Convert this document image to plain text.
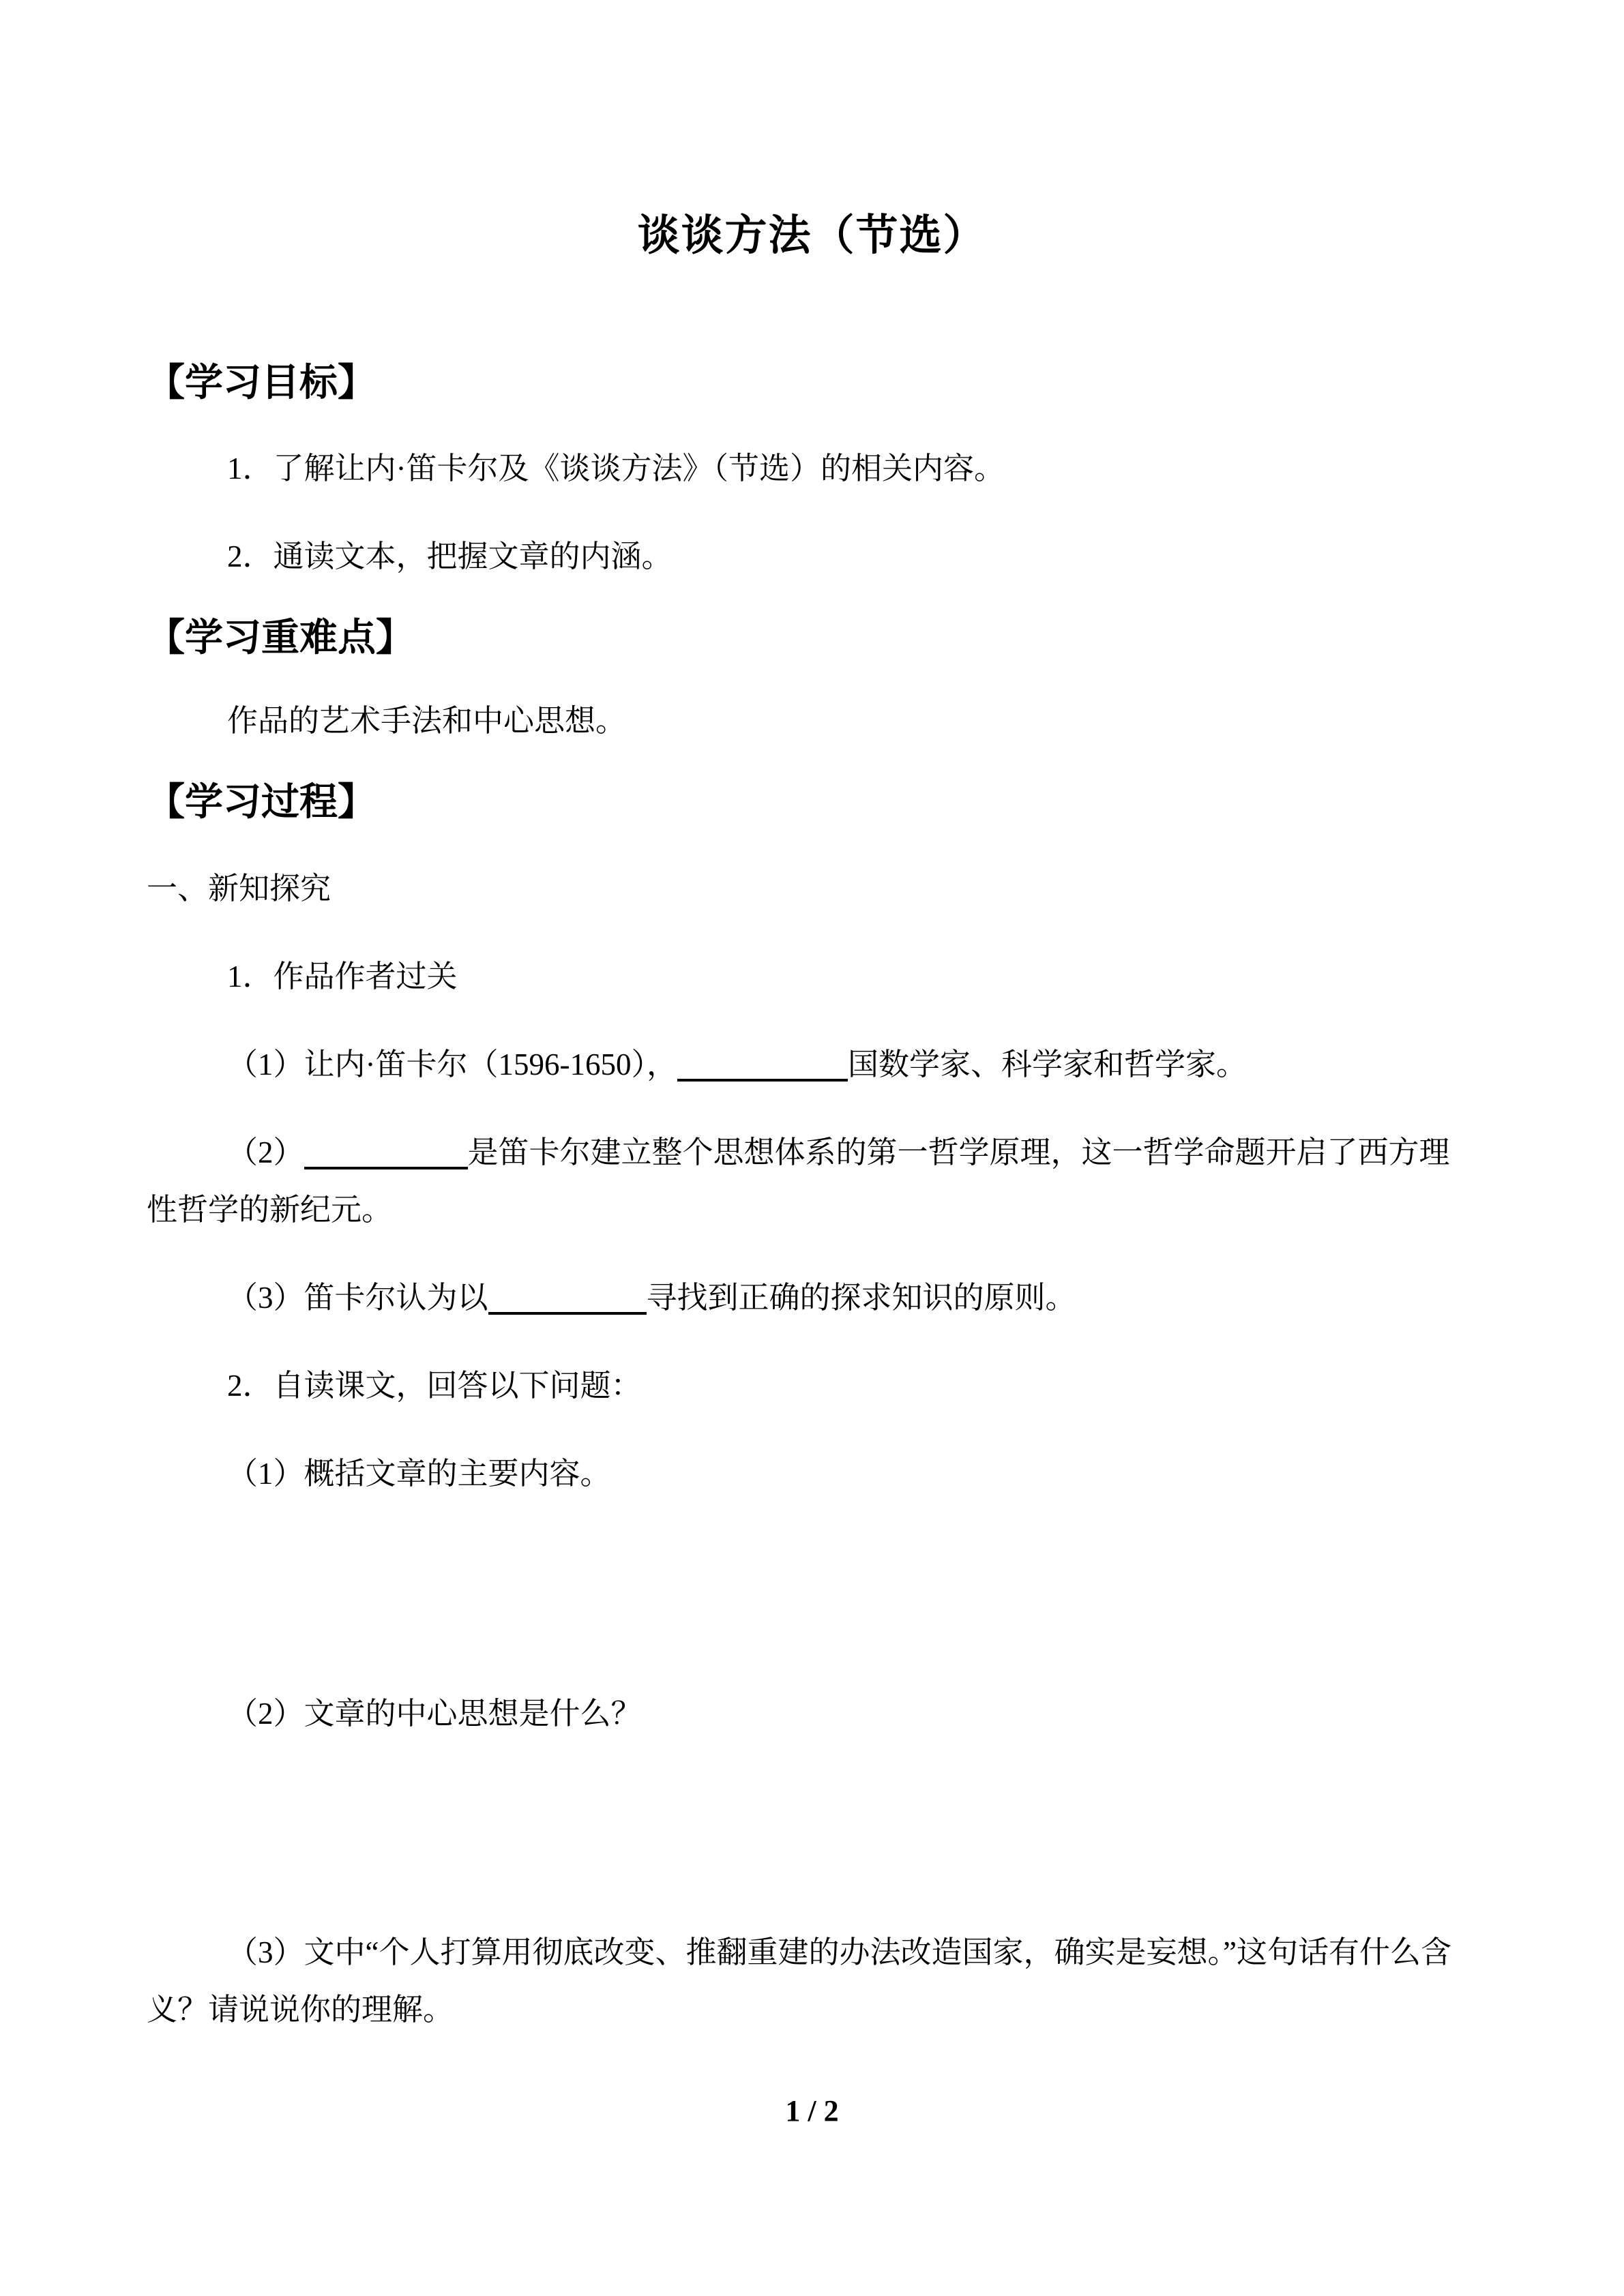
谈谈方法（节选）
【学习目标】

1．了解让内·笛卡尔及《谈谈方法》（节选）的相关内容。

2．通读文本，把握文章的内涵。

【学习重难点】

作品的艺术手法和中心思想。

【学习过程】

一、新知探究

1．作品作者过关

（1）让内·笛卡尔（1596-1650），	国数学家、科学家和哲学家。

（2）	是笛卡尔建立整个思想体系的第一哲学原理，这一哲学命题开启了西方理性哲学的新纪元。

（3）笛卡尔认为以	寻找到正确的探求知识的原则。

2．自读课文，回答以下问题：

（1）概括文章的主要内容。

（2）文章的中心思想是什么？

（3）文中“个人打算用彻底改变、推翻重建的办法改造国家，确实是妄想。”这句话有什么含义？请说说你的理解。

1 / 2
